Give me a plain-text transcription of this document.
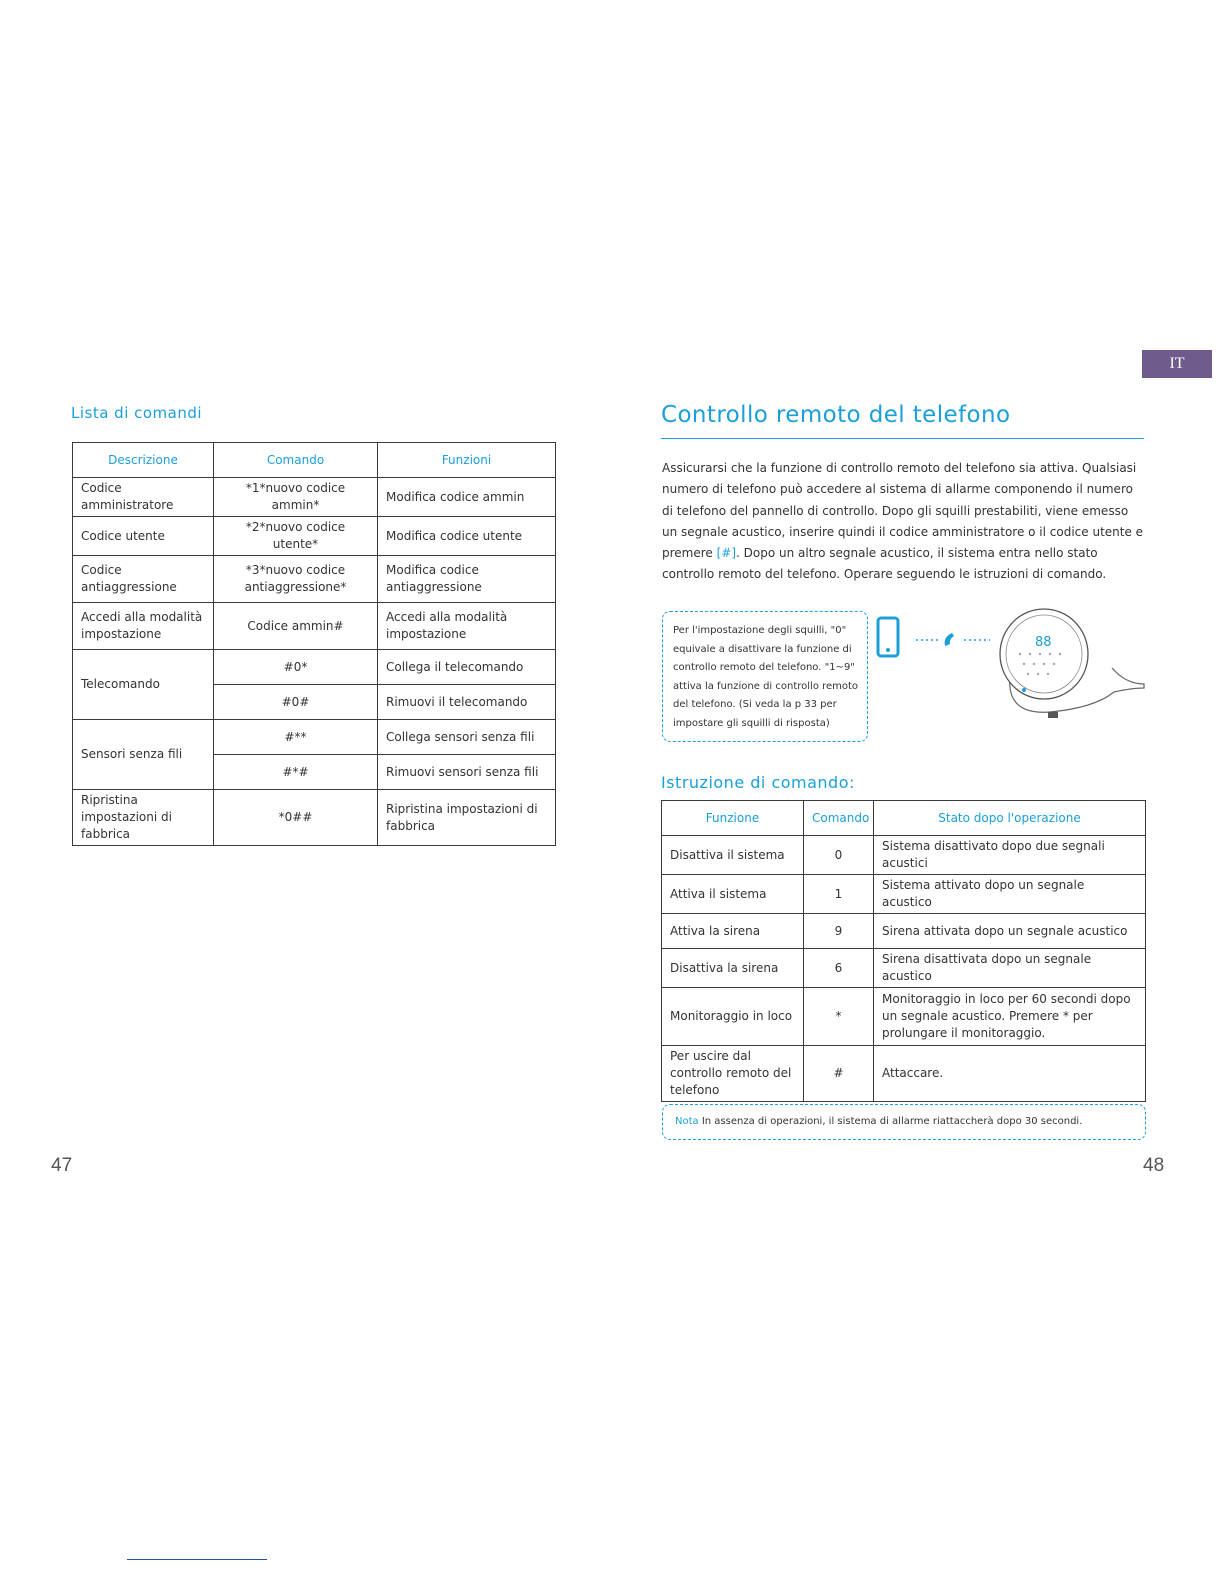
IT
Lista di comandi
Descrizione	Comando	Funzioni
Codice amministratore	*1*nuovo codice ammin*	Modifica codice ammin
Codice utente	*2*nuovo codice utente*	Modifica codice utente
Codice antiaggressione	*3*nuovo codice antiaggressione*	Modifica codice antiaggressione
Accedi alla modalità impostazione	Codice ammin#	Accedi alla modalità impostazione
Telecomando	#0*	Collega il telecomando
	#0#	Rimuovi il telecomando
Sensori senza fili	#**	Collega sensori senza fili
	#*#	Rimuovi sensori senza fili
Ripristina impostazioni di fabbrica	*0##	Ripristina impostazioni di fabbrica
47
Controllo remoto del telefono
Assicurarsi che la funzione di controllo remoto del telefono sia attiva. Qualsiasi numero di telefono può accedere al sistema di allarme componendo il numero di telefono del pannello di controllo. Dopo gli squilli prestabiliti, viene emesso un segnale acustico, inserire quindi il codice amministratore o il codice utente e premere [#]. Dopo un altro segnale acustico, il sistema entra nello stato controllo remoto del telefono. Operare seguendo le istruzioni di comando.
Per l'impostazione degli squilli, "0" equivale a disattivare la funzione di controllo remoto del telefono. "1~9" attiva la funzione di controllo remoto del telefono. (Si veda la p 33 per impostare gli squilli di risposta)
88
Istruzione di comando:
Funzione	Comando	Stato dopo l'operazione
Disattiva il sistema	0	Sistema disattivato dopo due segnali acustici
Attiva il sistema	1	Sistema attivato dopo un segnale acustico
Attiva la sirena	9	Sirena attivata dopo un segnale acustico
Disattiva la sirena	6	Sirena disattivata dopo un segnale acustico
Monitoraggio in loco	*	Monitoraggio in loco per 60 secondi dopo un segnale acustico. Premere * per prolungare il monitoraggio.
Per uscire dal controllo remoto del telefono	#	Attaccare.
Nota In assenza di operazioni, il sistema di allarme riattaccherà dopo 30 secondi.
48
